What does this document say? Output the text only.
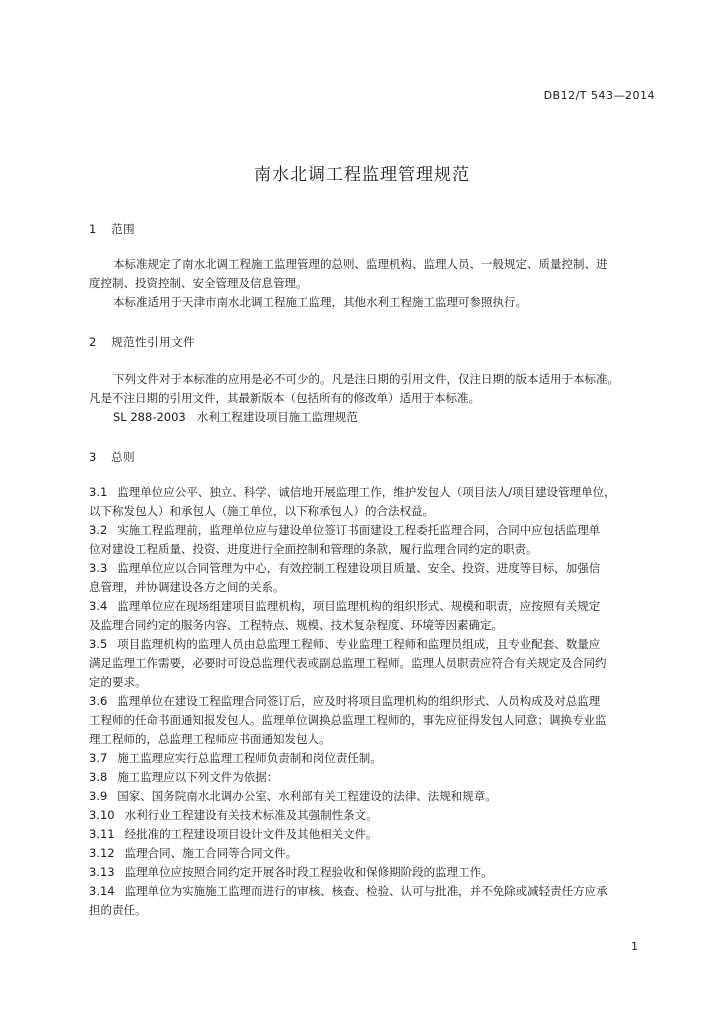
DB12/T 543—2014
南水北调工程监理管理规范
1 范围

本标准规定了南水北调工程施工监理管理的总则、监理机构、监理人员、一般规定、质量控制、进

度控制、投资控制、安全管理及信息管理。

本标准适用于天津市南水北调工程施工监理，其他水利工程施工监理可参照执行。

2 规范性引用文件

下列文件对于本标准的应用是必不可少的。凡是注日期的引用文件，仅注日期的版本适用于本标准。

凡是不注日期的引用文件，其最新版本（包括所有的修改单）适用于本标准。

SL 288-2003   水利工程建设项目施工监理规范

3 总则
3.1 监理单位应公平、独立、科学、诚信地开展监理工作，维护发包人（项目法人/项目建设管理单位，
以下称发包人）和承包人（施工单位，以下称承包人）的合法权益。
3.2 实施工程监理前，监理单位应与建设单位签订书面建设工程委托监理合同，合同中应包括监理单
位对建设工程质量、投资、进度进行全面控制和管理的条款，履行监理合同约定的职责。
3.3 监理单位应以合同管理为中心，有效控制工程建设项目质量、安全、投资、进度等目标，加强信
息管理，并协调建设各方之间的关系。
3.4 监理单位应在现场组建项目监理机构，项目监理机构的组织形式、规模和职责，应按照有关规定
及监理合同约定的服务内容、工程特点、规模、技术复杂程度、环境等因素确定。
3.5 项目监理机构的监理人员由总监理工程师、专业监理工程师和监理员组成，且专业配套、数量应
满足监理工作需要，必要时可设总监理代表或副总监理工程师。监理人员职责应符合有关规定及合同约
定的要求。
3.6 监理单位在建设工程监理合同签订后，应及时将项目监理机构的组织形式、人员构成及对总监理
工程师的任命书面通知报发包人。监理单位调换总监理工程师的，事先应征得发包人同意；调换专业监
理工程师的，总监理工程师应书面通知发包人。
3.7 施工监理应实行总监理工程师负责制和岗位责任制。
3.8 施工监理应以下列文件为依据：
3.9 国家、国务院南水北调办公室、水利部有关工程建设的法律、法规和规章。
3.10 水利行业工程建设有关技术标准及其强制性条文。
3.11 经批准的工程建设项目设计文件及其他相关文件。
3.12 监理合同、施工合同等合同文件。
3.13 监理单位应按照合同约定开展各时段工程验收和保修期阶段的监理工作。
3.14 监理单位为实施施工监理而进行的审核、核查、检验、认可与批准，并不免除或减轻责任方应承
担的责任。
1
